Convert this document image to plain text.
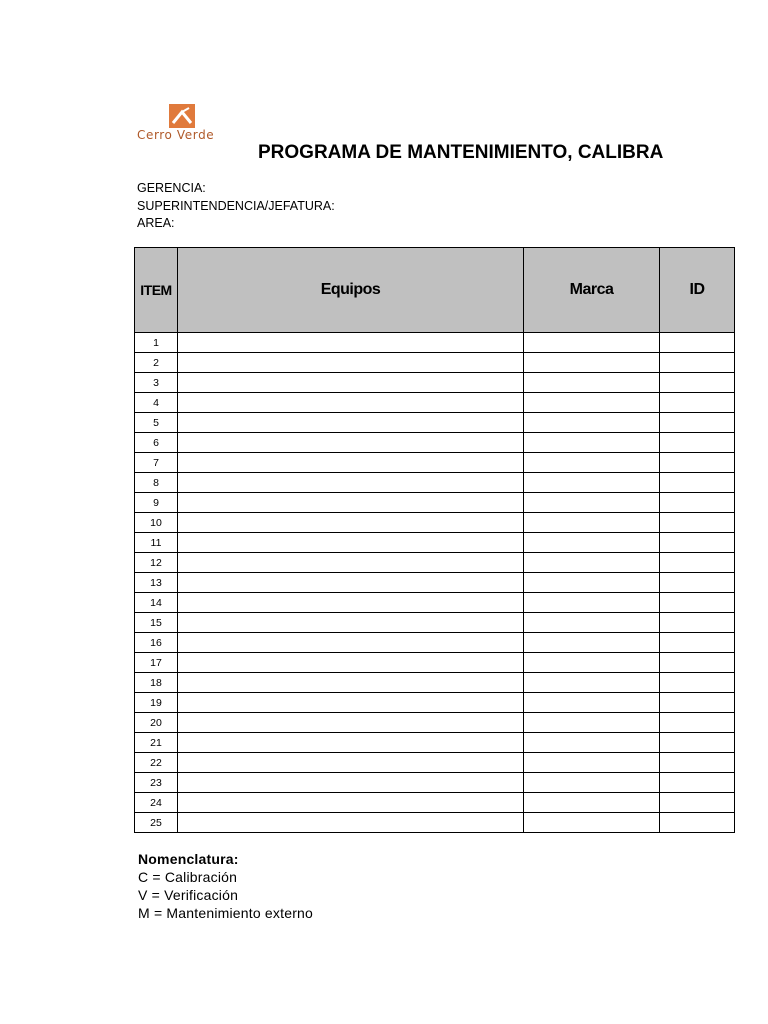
Cerro Verde
PROGRAMA DE MANTENIMIENTO, CALIBRA
GERENCIA:
SUPERINTENDENCIA/JEFATURA:
AREA:
ITEM	Equipos	Marca	ID
1			
2			
3			
4			
5			
6			
7			
8			
9			
10			
11			
12			
13			
14			
15			
16			
17			
18			
19			
20			
21			
22			
23			
24			
25			
Nomenclatura:
C = Calibración
V = Verificación
M = Mantenimiento externo
